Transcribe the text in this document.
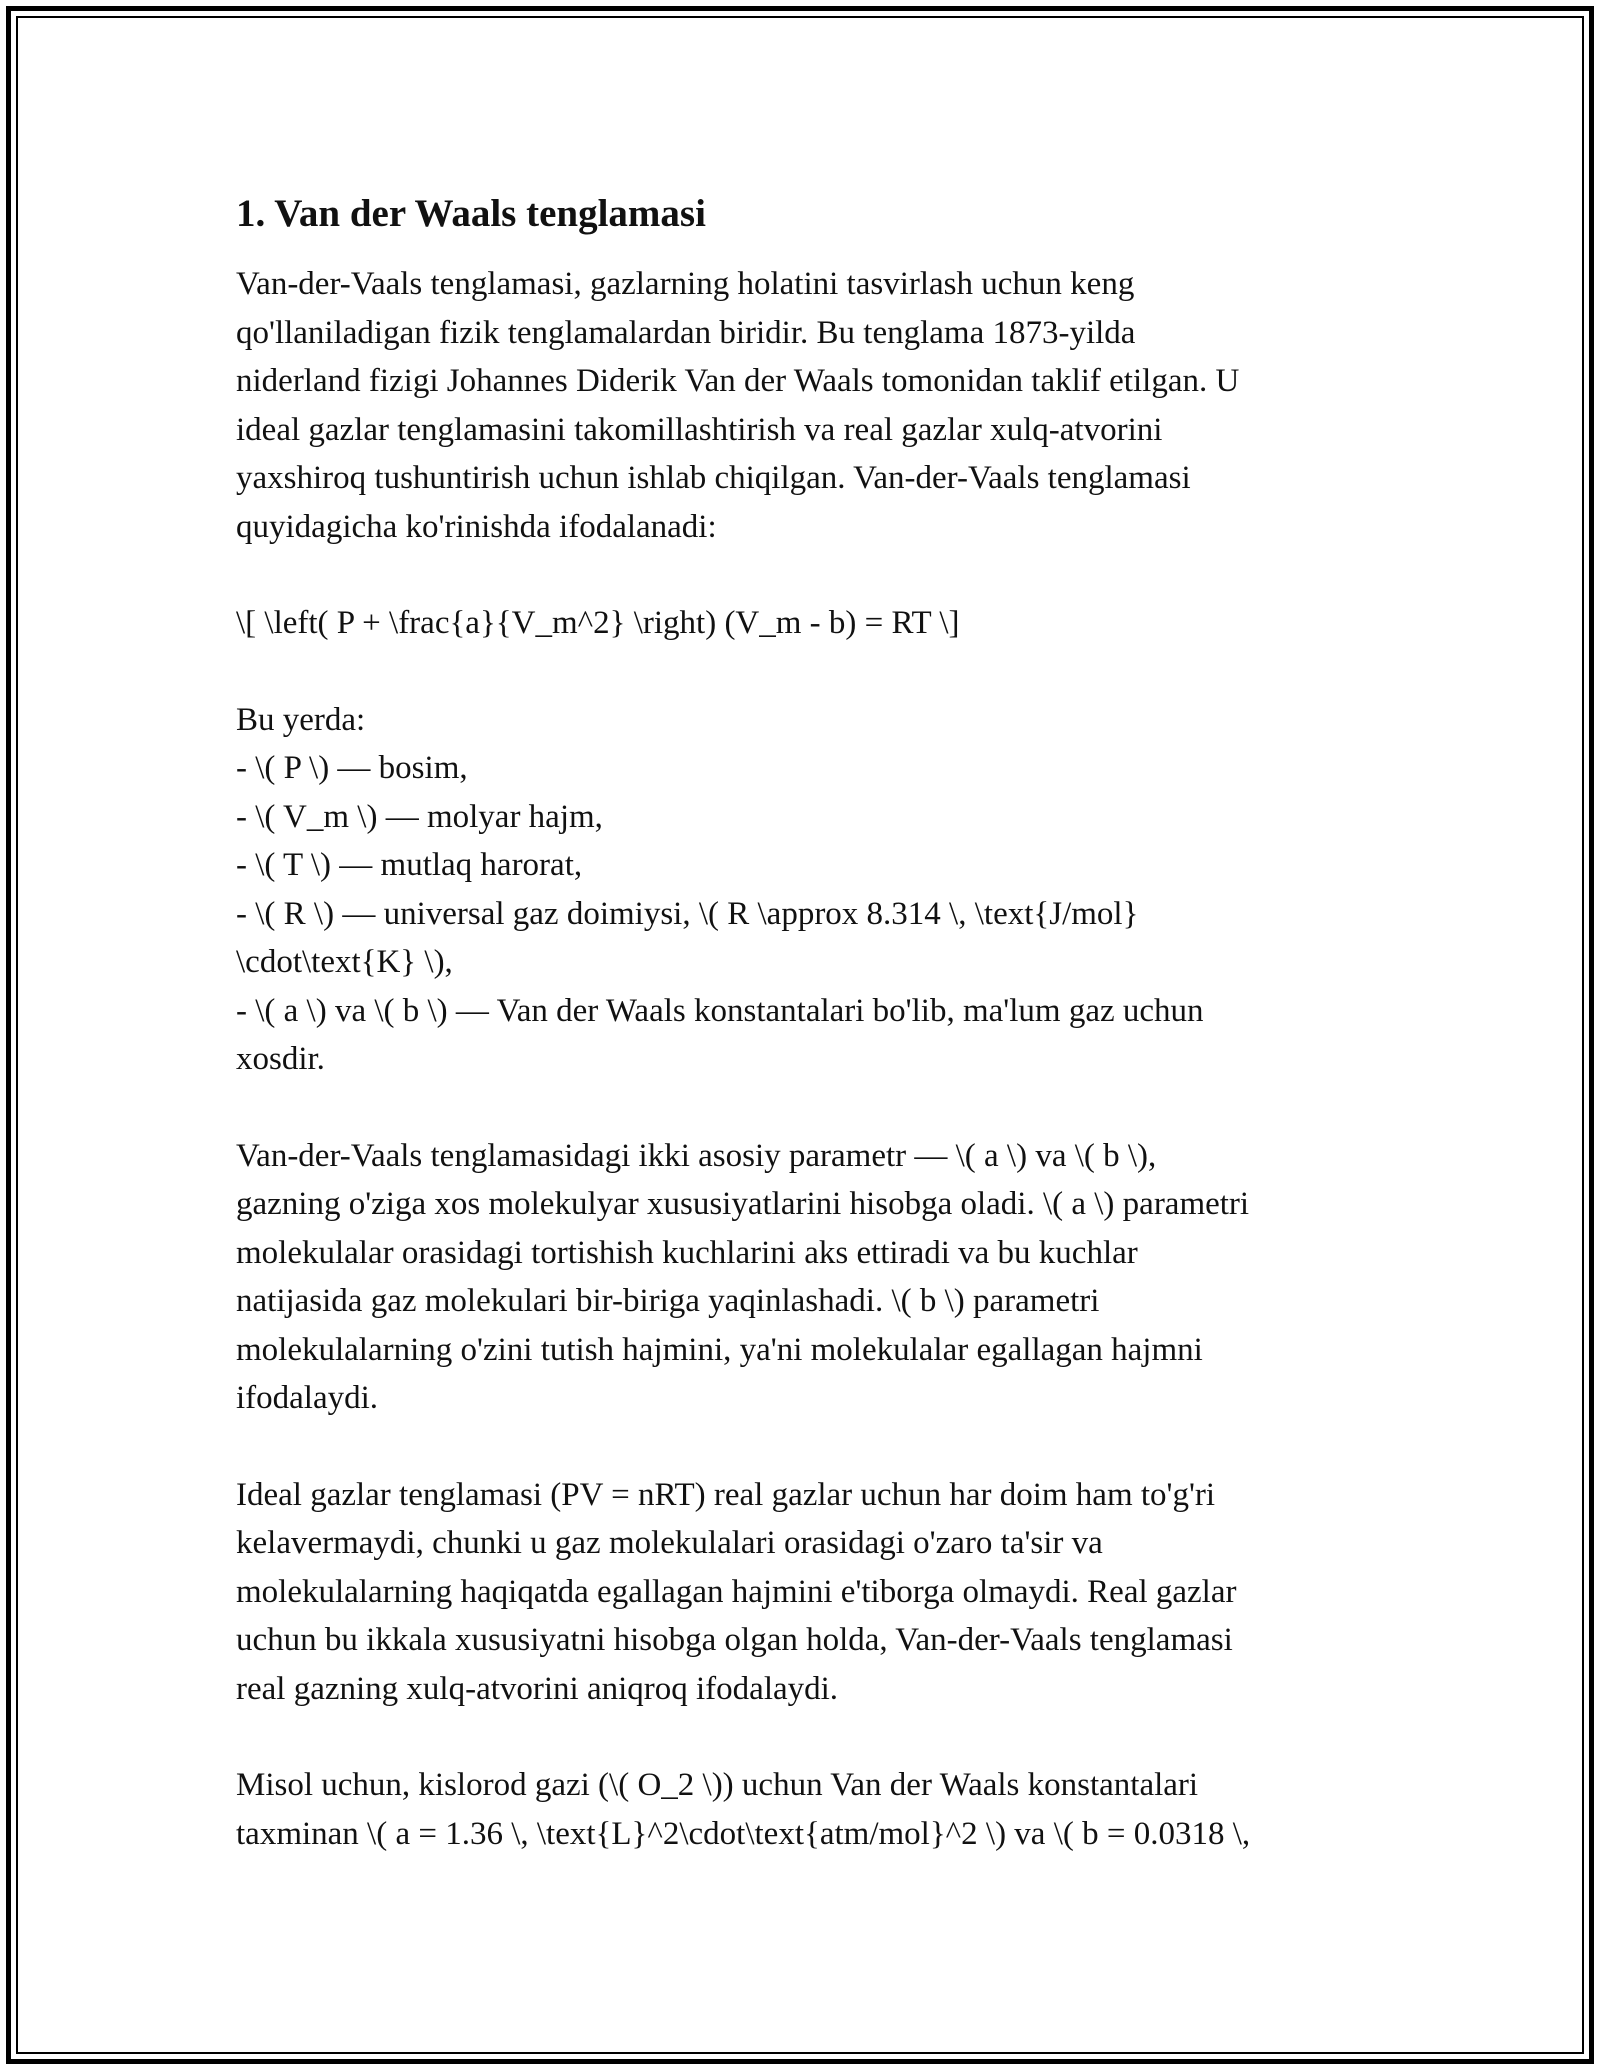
1. Van der Waals tenglamasi

Van-der-Vaals tenglamasi, gazlarning holatini tasvirlash uchun keng
qo'llaniladigan fizik tenglamalardan biridir. Bu tenglama 1873-yilda
niderland fizigi Johannes Diderik Van der Waals tomonidan taklif etilgan. U
ideal gazlar tenglamasini takomillashtirish va real gazlar xulq-atvorini
yaxshiroq tushuntirish uchun ishlab chiqilgan. Van-der-Vaals tenglamasi
quyidagicha ko'rinishda ifodalanadi:

\[ \left( P + \frac{a}{V_m^2} \right) (V_m - b) = RT \]

Bu yerda:
- \( P \) — bosim,
- \( V_m \) — molyar hajm,
- \( T \) — mutlaq harorat,
- \( R \) — universal gaz doimiysi, \( R \approx 8.314 \, \text{J/mol}
\cdot\text{K} \),
- \( a \) va \( b \) — Van der Waals konstantalari bo'lib, ma'lum gaz uchun
xosdir.

Van-der-Vaals tenglamasidagi ikki asosiy parametr — \( a \) va \( b \),
gazning o'ziga xos molekulyar xususiyatlarini hisobga oladi. \( a \) parametri
molekulalar orasidagi tortishish kuchlarini aks ettiradi va bu kuchlar
natijasida gaz molekulari bir-biriga yaqinlashadi. \( b \) parametri
molekulalarning o'zini tutish hajmini, ya'ni molekulalar egallagan hajmni
ifodalaydi.

Ideal gazlar tenglamasi (PV = nRT) real gazlar uchun har doim ham to'g'ri
kelavermaydi, chunki u gaz molekulalari orasidagi o'zaro ta'sir va
molekulalarning haqiqatda egallagan hajmini e'tiborga olmaydi. Real gazlar
uchun bu ikkala xususiyatni hisobga olgan holda, Van-der-Vaals tenglamasi
real gazning xulq-atvorini aniqroq ifodalaydi.

Misol uchun, kislorod gazi (\( O_2 \)) uchun Van der Waals konstantalari
taxminan \( a = 1.36 \, \text{L}^2\cdot\text{atm/mol}^2 \) va \( b = 0.0318 \,
